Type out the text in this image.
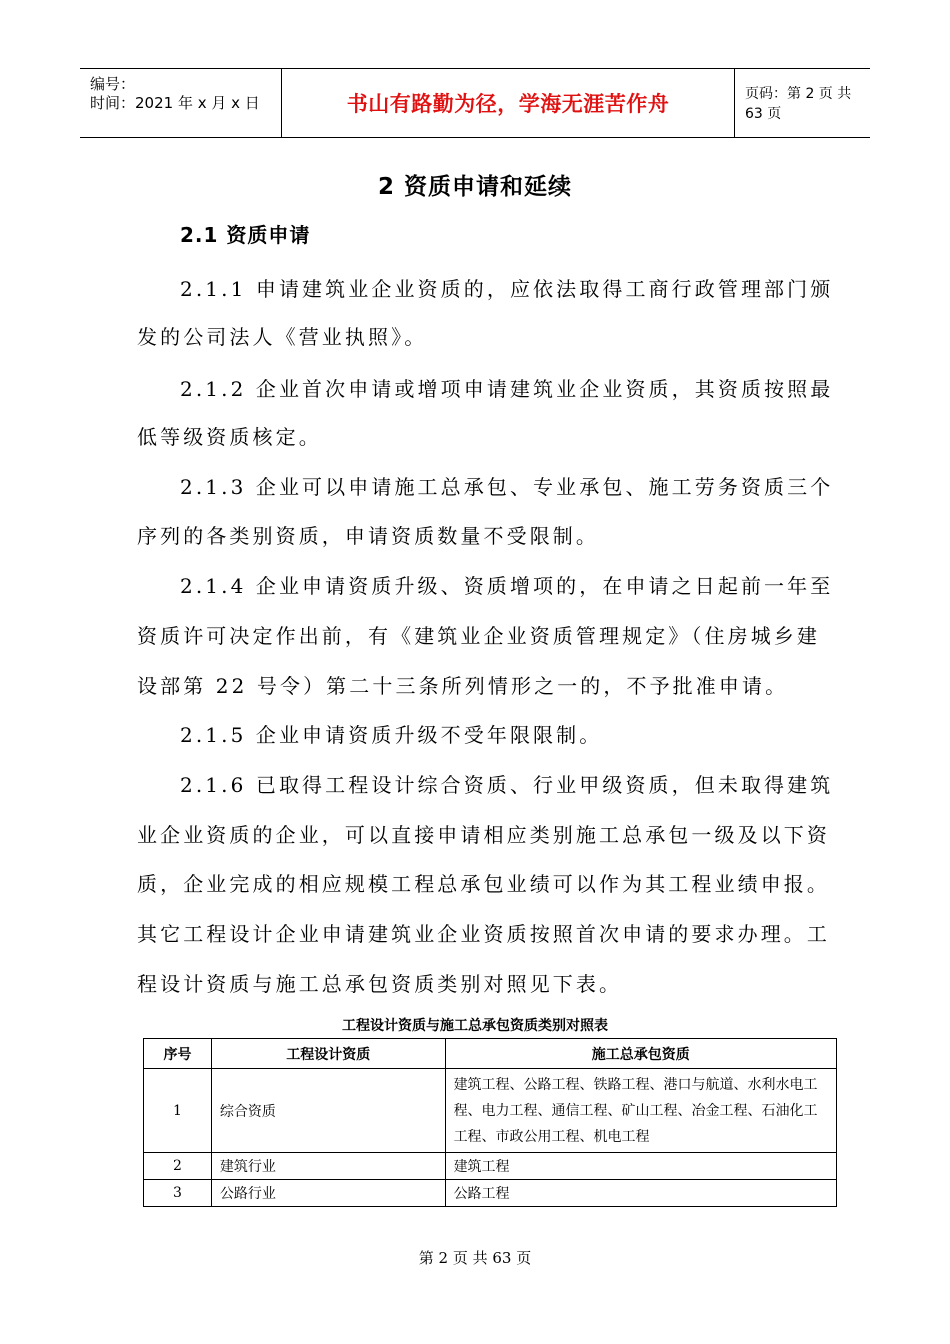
编号：
时间：2021 年 x 月 x 日	书山有路勤为径，学海无涯苦作舟	页码：第 2 页 共 63 页
2 资质申请和延续
2.1 资质申请
2.1.1 申请建筑业企业资质的，应依法取得工商行政管理部门颁
发的公司法人《营业执照》。
2.1.2 企业首次申请或增项申请建筑业企业资质，其资质按照最
低等级资质核定。
2.1.3 企业可以申请施工总承包、专业承包、施工劳务资质三个
序列的各类别资质，申请资质数量不受限制。
2.1.4 企业申请资质升级、资质增项的，在申请之日起前一年至
资质许可决定作出前，有《建筑业企业资质管理规定》（住房城乡建
设部第 22 号令）第二十三条所列情形之一的，不予批准申请。
2.1.5 企业申请资质升级不受年限限制。
2.1.6 已取得工程设计综合资质、行业甲级资质，但未取得建筑
业企业资质的企业，可以直接申请相应类别施工总承包一级及以下资
质，企业完成的相应规模工程总承包业绩可以作为其工程业绩申报。
其它工程设计企业申请建筑业企业资质按照首次申请的要求办理。工
程设计资质与施工总承包资质类别对照见下表。
工程设计资质与施工总承包资质类别对照表
序号	工程设计资质	施工总承包资质
1	综合资质	建筑工程、公路工程、铁路工程、港口与航道、水利水电工程、电力工程、通信工程、矿山工程、冶金工程、石油化工工程、市政公用工程、机电工程
2	建筑行业	建筑工程
3	公路行业	公路工程
第 2 页 共 63 页
